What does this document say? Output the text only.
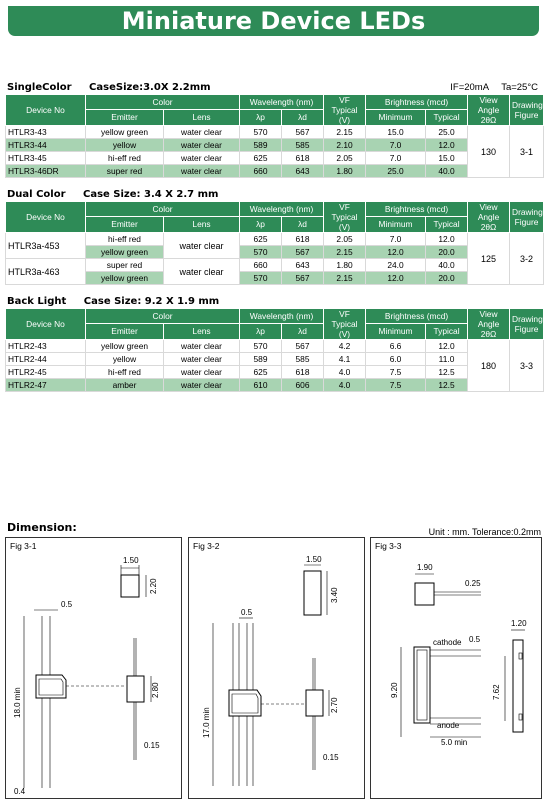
Miniature Device LEDs
SingleColor CaseSize:3.0X 2.2mm	IF=20mA Ta=25°C
Device No	Color		Wavelength (nm)		VF
Typical
(V)	Brightness (mcd)		View
Angle
2θΩ	Drawing
Figure
	Emitter	Lens	λp	λd		Minimum	Typical		
HTLR3-43	yellow green	water clear	570	567	2.15	15.0	25.0	130	3-1
HTLR3-44	yellow	water clear	589	585	2.10	7.0	12.0		
HTLR3-45	hi-eff red	water clear	625	618	2.05	7.0	15.0		
HTLR3-46DR	super red	water clear	660	643	1.80	25.0	40.0		
Dual Color Case Size: 3.4 X 2.7 mm
Device No	Color		Wavelength (nm)		VF
Typical
(V)	Brightness (mcd)		View
Angle
2θΩ	Drawing
Figure
	Emitter	Lens	λp	λd		Minimum	Typical		
HTLR3a-453	hi-eff red	water clear	625	618	2.05	7.0	12.0	125	3-2
	yellow green		570	567	2.15	12.0	20.0		
HTLR3a-463	super red	water clear	660	643	1.80	24.0	40.0		
	yellow green		570	567	2.15	12.0	20.0		
Back Light Case Size: 9.2 X 1.9 mm
Device No	Color		Wavelength (nm)		VF
Typical
(V)	Brightness (mcd)		View
Angle
2θΩ	Drawing
Figure
	Emitter	Lens	λp	λd		Minimum	Typical		
HTLR2-43	yellow green	water clear	570	567	4.2	6.6	12.0	180	3-3
HTLR2-44	yellow	water clear	589	585	4.1	6.0	11.0		
HTLR2-45	hi-eff red	water clear	625	618	4.0	7.5	12.5		
HTLR2-47	amber	water clear	610	606	4.0	7.5	12.5		
Dimension:	Unit : mm. Tolerance:0.2mm
Fig 3-1
1.50
2.20
0.5
18.0 min
0.4
2.80
0.15
Fig 3-2
1.50
3.40
0.5
17.0 min
2.70
0.15
Fig 3-3
1.90
0.25
cathode 0.5
anode
9.20
5.0 min
1.20
7.62
